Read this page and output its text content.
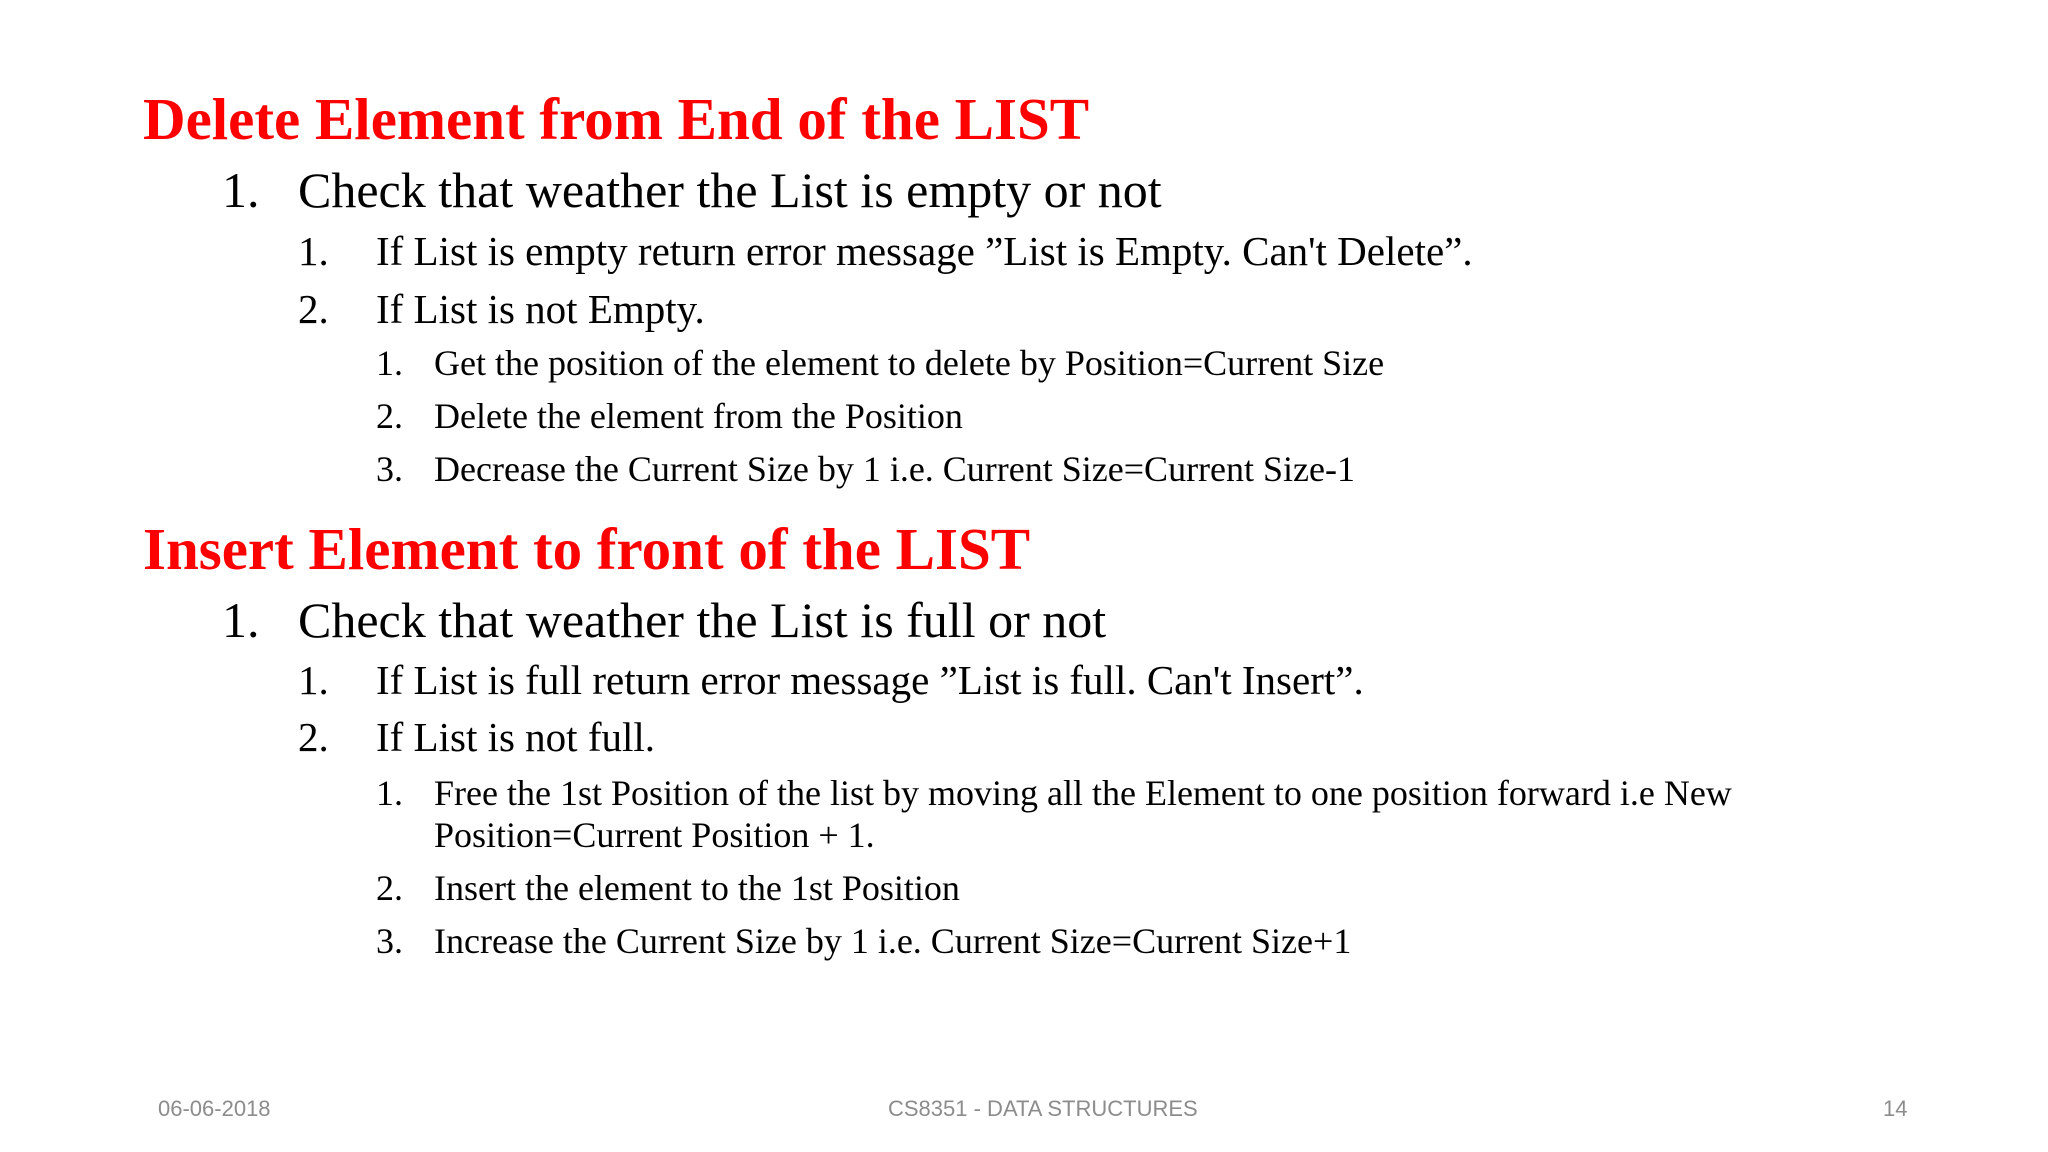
Delete Element from End of the LIST
1. Check that weather the List is empty or not
1. If List is empty return error message ”List is Empty. Can't Delete”.
2. If List is not Empty.
1. Get the position of the element to delete by Position=Current Size
2. Delete the element from the Position
3. Decrease the Current Size by 1 i.e. Current Size=Current Size-1
Insert Element to front of the LIST
1. Check that weather the List is full or not
1. If List is full return error message ”List is full. Can't Insert”.
2. If List is not full.
1. Free the 1st Position of the list by moving all the Element to one position forward i.e New
Position=Current Position + 1.
2. Insert the element to the 1st Position
3. Increase the Current Size by 1 i.e. Current Size=Current Size+1
06-06-2018	CS8351 - DATA STRUCTURES	14
